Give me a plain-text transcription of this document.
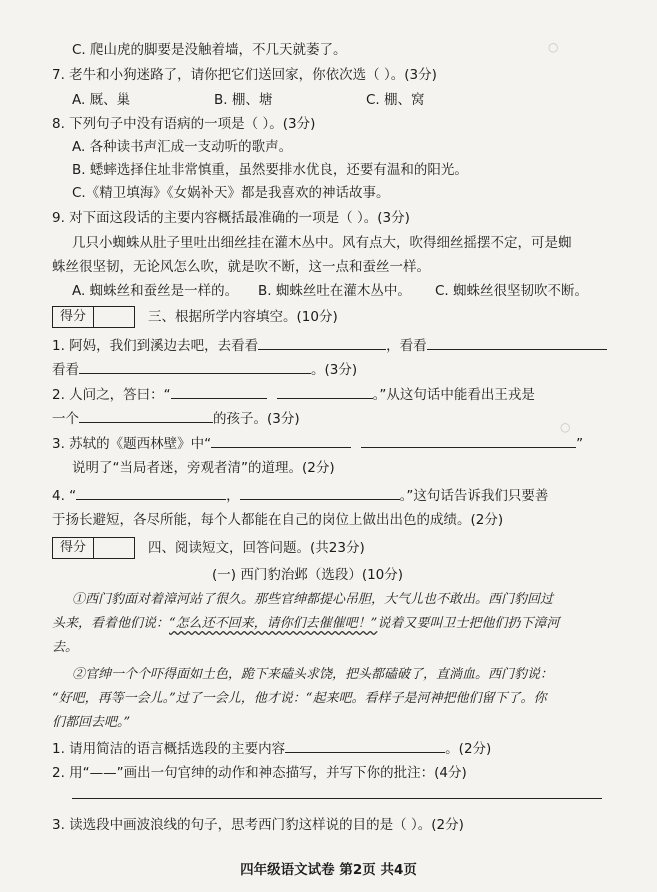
○
○
C. 爬山虎的脚要是没触着墙，不几天就萎了。
7. 老牛和小狗迷路了，请你把它们送回家，你依次选（ ）。(3分)
A. 厩、巢	B. 棚、塘	C. 棚、窝
8. 下列句子中没有语病的一项是（ ）。(3分)
A. 各种读书声汇成一支动听的歌声。
B. 蟋蟀选择住址非常慎重，虽然要排水优良，还要有温和的阳光。
C.《精卫填海》《女娲补天》都是我喜欢的神话故事。
9. 对下面这段话的主要内容概括最准确的一项是（ ）。(3分)
几只小蜘蛛从肚子里吐出细丝挂在灌木丛中。风有点大，吹得细丝摇摆不定，可是蜘
蛛丝很坚韧，无论风怎么吹，就是吹不断，这一点和蚕丝一样。
A. 蜘蛛丝和蚕丝是一样的。 B. 蜘蛛丝吐在灌木丛中。 C. 蜘蛛丝很坚韧吹不断。
得分	三、根据所学内容填空。(10分)
1. 阿妈，我们到溪边去吧，去看看	，看看
看看	。(3分)
2. 人问之，答曰：“	。”从这句话中能看出王戎是
一个	的孩子。(3分)
3. 苏轼的《题西林壁》中“	”
说明了“当局者迷，旁观者清”的道理。(2分)
4. “	，	。”这句话告诉我们只要善
于扬长避短，各尽所能，每个人都能在自己的岗位上做出出色的成绩。(2分)
得分	四、阅读短文，回答问题。(共23分)
(一) 西门豹治邺（选段）(10分)
①西门豹面对着漳河站了很久。那些官绅都提心吊胆，大气儿也不敢出。西门豹回过
头来，看着他们说：“怎么还不回来，请你们去催催吧！”说着又要叫卫士把他们扔下漳河
去。
②官绅一个个吓得面如土色，跪下来磕头求饶，把头都磕破了，直淌血。西门豹说：
“好吧，再等一会儿。”过了一会儿，他才说：“起来吧。看样子是河神把他们留下了。你
们都回去吧。”
1. 请用简洁的语言概括选段的主要内容	。(2分)
2. 用“——”画出一句官绅的动作和神态描写，并写下你的批注：(4分)
3. 读选段中画波浪线的句子，思考西门豹这样说的目的是（ ）。(2分)
四年级语文试卷 第2页 共4页
